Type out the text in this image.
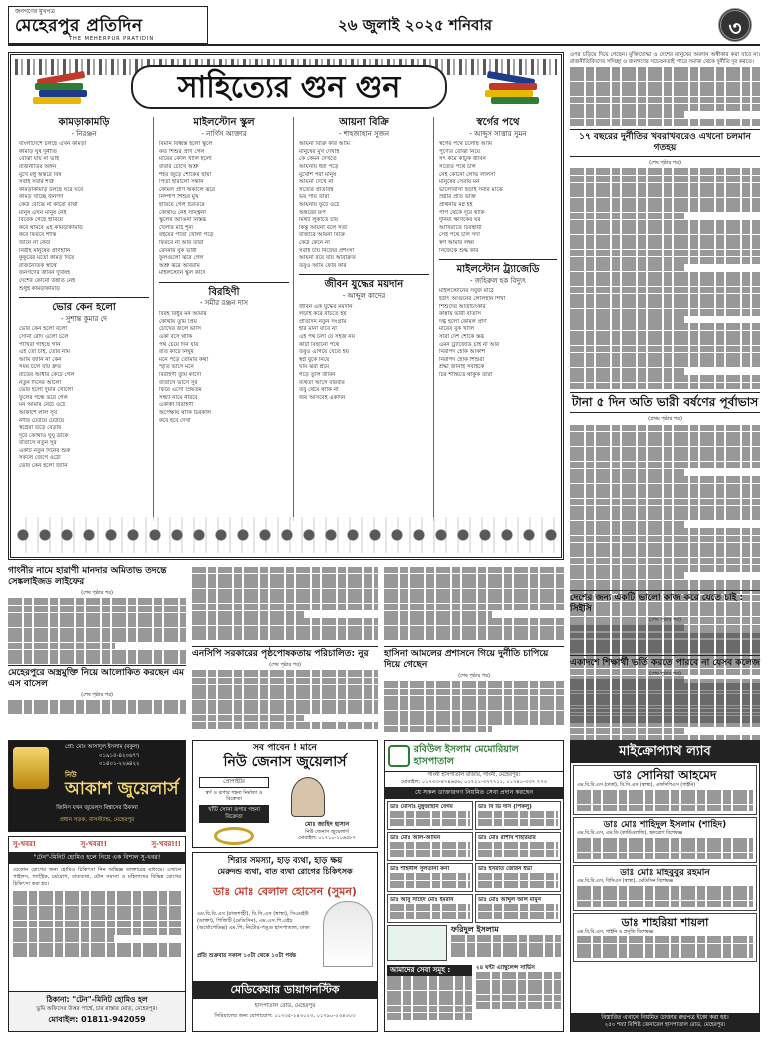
জনগণের মুখপত্র
মেহেরপুর প্রতিদিন
THE MEHERPUR PRATIDIN
২৬ জুলাই ২০২৫ শনিবার	৩
সাহিত্যের গুন গুন
কামড়াকামড়ি
- নিরঞ্জন
বাংলাদেশে চলছে এখন কামড়া
কামড়ি ঘুষ দুর্নীতি
বোঝা যায় না ভাই
রাজনীতির অঙ্গন
মুখে মধু অন্তরে বিষ
সবাই সবার শত্রু
কামড়াকামড়ি চলছে ঘরে ঘরে
কামড় খাচ্ছে জনগণ
কেউ বোঝে না কারো ব্যথা
মানুষ এখন মানুষ নেই
বিবেক গেছে হারিয়ে
কবে থামবে এই কামড়াকামড়ি
কবে ফিরবে শান্তি
জানে না কেউ
নিরীহ মানুষের প্রাণহানি
কুকুরের মতো কামড় দিয়ে
রাজনৈতিক স্বার্থে
জনগণের জীবন দুর্বিষহ
দেশের কোনো উন্নতি নেই
শুধুই কামড়াকামড়ি
ভোর কেন হলো
- সুশান্ত কুমার দে
ভোর কেন হলো বলো
সোনা রোদ এলো চলে
পাখিরা গাইছে গান
এই তো চাই, তোর নাম
আমি জানি না কেন
সময় চলে যায় দ্রুত
রাতের আঁধার কেটে গেল
নতুন দিনের আলো
ভোর হলো দুয়ার খোলো
ফুলের গন্ধে ভরে গেল
মন আমার নেচে ওঠে
আকাশে লাল সূর্য
নদীর ঢেউয়ে ঢেউয়ে
স্বপ্নেরা উড়ে বেড়ায়
দূরে কোথাও ঘুঘু ডাকে
বাতাসে নতুন সুর
একটি নতুন দিনের শুরু
সকলে জেগে ওঠো
ভোর কেন হলো জানি
মাইলস্টোন স্কুল
- নার্গিস আক্তার
বিমান বিধ্বস্ত হলো স্কুলে
কত শিশুর প্রাণ গেল
মায়ের কোল খালি হলো
বাবার চোখে অশ্রু
শহর জুড়ে শোকের ছায়া
পিতা হারালো সন্তান
কোমল প্রাণ অকালে ঝরে
নিষ্পাপ শিশুর মুখ
হারিয়ে গেল চিরতরে
কোথাও নেই সান্ত্বনা
স্কুলের আঙিনা নিস্তব্ধ
খেলার মাঠ শূন্য
বইয়ের পাতা খোলা পড়ে
ফিরবে না আর তারা
বেদনায় বুক ভারী
ফুলগুলো ঝরে গেল
অশ্রু ঝরে অবিরাম
মাইলস্টোন স্কুল কাঁদে
বিরহিণী
- সমীর রঞ্জন দাস
বিরহ বিধুর মন আমার
কোথায় তুমি প্রিয়
চোখের জলে ভাসি
একা বসে থাকি
পথ চেয়ে দিন যায়
রাত কাটে নির্ঘুম
মনে পড়ে তোমার কথা
স্মৃতি ভাসে মনে
বিরহিণী তুমি কাঁদো
বাতাসে ভাসে সুর
ফিরে এসো প্রিয়তম
সন্ধ্যা নামে নীরবে
একাকী বিরহিণী
অপেক্ষায় থাকি চিরকাল
কবে হবে দেখা
আয়না বিক্রি
- শাহজাহান সুজন
আয়না বিক্রি করি আমি
মানুষের মুখ দেখাই
কে কেমন দেখতে
আয়নায় ধরা পড়ে
মুখোশ পরা মানুষ
আয়না দেখে না
সত্যের প্রতিবিম্ব
ভয় পায় তারা
আয়নায় ফুটে ওঠে
অন্তরের রূপ
মিথ্যা লুকাতে চায়
কিন্তু আয়না বলে সত্য
বাজারে আয়না বিক্রি
কেউ কেনে না
সবাই চায় নিজের প্রশংসা
আয়না রয়ে যায় অবিক্রিত
তবুও আমি ফেরি করি
জীবন যুদ্ধের ময়দান
- আব্দুল কাদের
জীবন এক যুদ্ধের ময়দান
লড়াই করে বাঁচতে হয়
প্রতিদিন নতুন সংগ্রাম
হার মানা যাবে না
এই পথ চলা যে সহজ নয়
কাঁটা বিছানো পথে
তবুও এগিয়ে যেতে হয়
স্বপ্ন বুকে নিয়ে
ঘাম ঝরা শ্রমে
গড়ে তুলি জীবন
ব্যর্থতা আসে বারবার
তবু থেমে থাকি না
জয় আসবেই একদিন
স্বর্গের পথে
- আব্দুস সাত্তার সুমন
স্বর্গের পথে চলেছি আমি
পুণ্যের বোঝা নিয়ে
সৎ কর্মে কাটুক জীবন
সত্যের পথে চলি
নেই কোনো লোভ লালসা
মানুষের সেবায় মন
ভালোবাসা ছড়াই সবার মাঝে
স্রষ্টার প্রতি ভক্তি
প্রার্থনায় মগ্ন হই
পাপ থেকে দূরে থাকি
দুনিয়া ক্ষণিকের ঘর
আখিরাতে চিরস্থায়ী
সেই পথে চলি সদা
স্বর্গ আমার লক্ষ্য
নিজেকে শুদ্ধ করি
মাইলস্টোন ট্র্যাজেডি
- জহিরুল হক বিদ্যুৎ
মাইলস্টোনের সবুজ মাঠে
হঠাৎ আগুনের লেলিহান শিখা
শিশুদের আর্তচিৎকার
কান্নায় ভারী বাতাস
দগ্ধ হলো কোমল প্রাণ
মায়ের বুক খালি
সারা দেশ শোকে স্তব্ধ
এমন ট্র্যাজেডি চাই না আর
নিরাপদ হোক আকাশ
নিরাপদ হোক শিশুরা
শ্রদ্ধা জানাই সবাইকে
চির শান্তিতে থাকুক তারা

ওপর চড়িয়ে দিয়ে গেছেন। মুক্তিযোদ্ধা ও দেশের মানুষের অবদান অস্বীকার করা যাবে না। রাজনীতিবিদদের সদিচ্ছা ও জনগণের সচেতনতাই পারে সমাজ থেকে দুর্নীতি দূর করতে।

১৭ বছরের দুর্নীতির খবরাখবরেও এখনো চলমান গতহয়
(শেষ পৃষ্ঠার পর)
টানা ৫ দিন অতি ভারী বর্ষণের পূর্বাভাস
(প্রথম পৃষ্ঠার পর)
গাংনীর নামে হারাণী মানদার অমিতাভ তদন্তে সেঙ্কলাইজড লাইফের
(শেষ পৃষ্ঠার পর)
মেহেরপুরে অস্ত্রমুক্তি নিয়ে আলোকিত করছেন এম এস বাসেল
(শেষ পৃষ্ঠার পর)
এনসিপি সরকারের পৃষ্ঠপোষকতায় পরিচালিত: নুর
(শেষ পৃষ্ঠার পর)
হাসিনা আমলের প্রশাসনে গিয়ে দুর্নীতি চাপিয়ে দিয়ে গেছেন
(শেষ পৃষ্ঠার পর)
দেশের জন্য একটি ভালো কাজ করে যেতে চাই : সিইসি
(শেষ পৃষ্ঠার পর)
একাদশে শিক্ষার্থী ভর্তি করতে পারবে না যেসব কলেজ
(শেষ পৃষ্ঠার পর)
প্রো: মোঃ আসাদুল ইসলাম (বকুল)
০১৯১৫-৪২০৬৭৭
০১৪০১-২২৬৪২২
নিউ
আকাশ জুয়েলার্স
জিনিস যখন জুয়েল্স বিশ্বাসের ঠিকানা
প্রধান সড়ক, বাসস্ট্যান্ড, মেহেরপুর
সু-খবর!	সু-খবর!!	সু-খবর!!!
"টেন"-মিনিট হোমিও হলে নিয়ে এক বিশাল সু-খবর!

যেকোন রোগের জন্য হোমিও চিকিৎসা নিন অভিজ্ঞ ডাক্তারের মাধ্যমে। এখানে পাইলস, গ্যাস্ট্রিক, চর্মরোগ, বাতব্যথা, যৌন সমস্যা ও মহিলাদের বিভিন্ন রোগের চিকিৎসা করা হয়।

ঠিকানা: "টেন"-মিনিট হোমিও হল
ভুমি অফিসের উত্তর পার্শ্বে, চার রাস্তার মোড়, মেহেরপুর।
মোবাইল: 01811-942059
সব পাবেন ! মানে
নিউ জেনাস জুয়েলার্স
প্রোপাইটর
স্বর্ণ ও রূপার গহনা নির্মাতা ও বিক্রেতা
খাঁটি সোনা রূপার গহনা বিক্রেতা
মোঃ জাহিদ হাসান
নিউ জেনাস জুয়েলার্স
মোবাইল: ০১৭১০-১০৬৫৮৭
শিরার সমস্যা, হাড় ব্যথা, হাড় ক্ষয়
মেরুদন্ড ব্যথা, বাত ব্যথা রোগের চিকিৎসক
ডাঃ মোঃ বেলাল হোসেন (সুমন)
এম.বি.বি.এস (রাজশাহী), বি.সি.এস (স্বাস্থ্য), সিএমইউ (ডাক্তা), পিজিটি (মেডিসিন), এম.এস.পি.এইচ (অর্থোপেডিক্স) এম.পি, নিটোর-পঙ্গু হাসপাতাল, ঢাকা
প্রতি শুক্রবার সকাল ১০টা থেকে ১০টা পর্যন্ত
মেডিকেয়ার ডায়াগনস্টিক
হাসপাতাল রোড, মেহেরপুর
সিরিয়ালের জন্য যোগাযোগ: ০১৭৩৫-২৪৩০২৩, ০১৭৯০-২৩৪৩০৩
রবিউল ইসলাম মেমোরিয়াল হাসপাতাল
গাংনী হাসপাতাল বাজার, গাংনী, মেহেরপুর।
মোবাইল: ০১৭৩৩-৪৭৪৬৫৬, ০১৭২১-৩৭৭৭১১, ০১৭৪০-৩৩৭ ৭৭৩
যে সকল ডাক্তারগণ নিয়মিত সেবা প্রদান করছেন
ডাঃ মোসাঃ মুন্নুজাহান বেগম	ডাঃ বি ডি দাস (পিকলু)
ডাঃ মোঃ আল-আমিন	ডাঃ মোঃ রাশীব শাহরিয়ার
ডাঃ শাহনীল সুলতানা কনা	ডাঃ ইসরাত জেরিন ইভা
ডাঃ আবু সাহেদ মোঃ ইমরান	ডাঃ মোঃ আব্দুল আল মামুন
ফরিদুল ইসলাম
আমাদের সেবা সমূহ :	২৪ ঘন্টা এ্যাম্বুলেন্স সার্ভিস
মাইক্রোপ্যাথ ল্যাব
ডাঃ সোনিয়া আহমেদ
এম.বি.বি.এস (ঢাকা), বি.সি.এস (স্বাস্থ্য), এফসিপিএস (গাইনি)
ডাঃ মোঃ শাহিদুল ইসলাম (শাহিদ)
এম.বি.বি.এস, এম.ডি (কার্ডিওলজি), হৃদরোগ বিশেষজ্ঞ
ডাঃ মোঃ মাহবুবুর রহমান
এম.বি.বি.এস, বিসিএস (স্বাস্থ্য), মেডিসিন বিশেষজ্ঞ
ডাঃ শাহরিয়া শায়লা
এম.বি.বি.এস, গাইনি ও প্রসূতি বিশেষজ্ঞ
বিস্তারিত এখানে নিয়মিত ডাক্তার রুগ্নপত্র ইকো করা হয়।
২৫০ শয্যা বিশিষ্ট জেনারেল হাসপাতাল রোড, মেহেরপুর।
